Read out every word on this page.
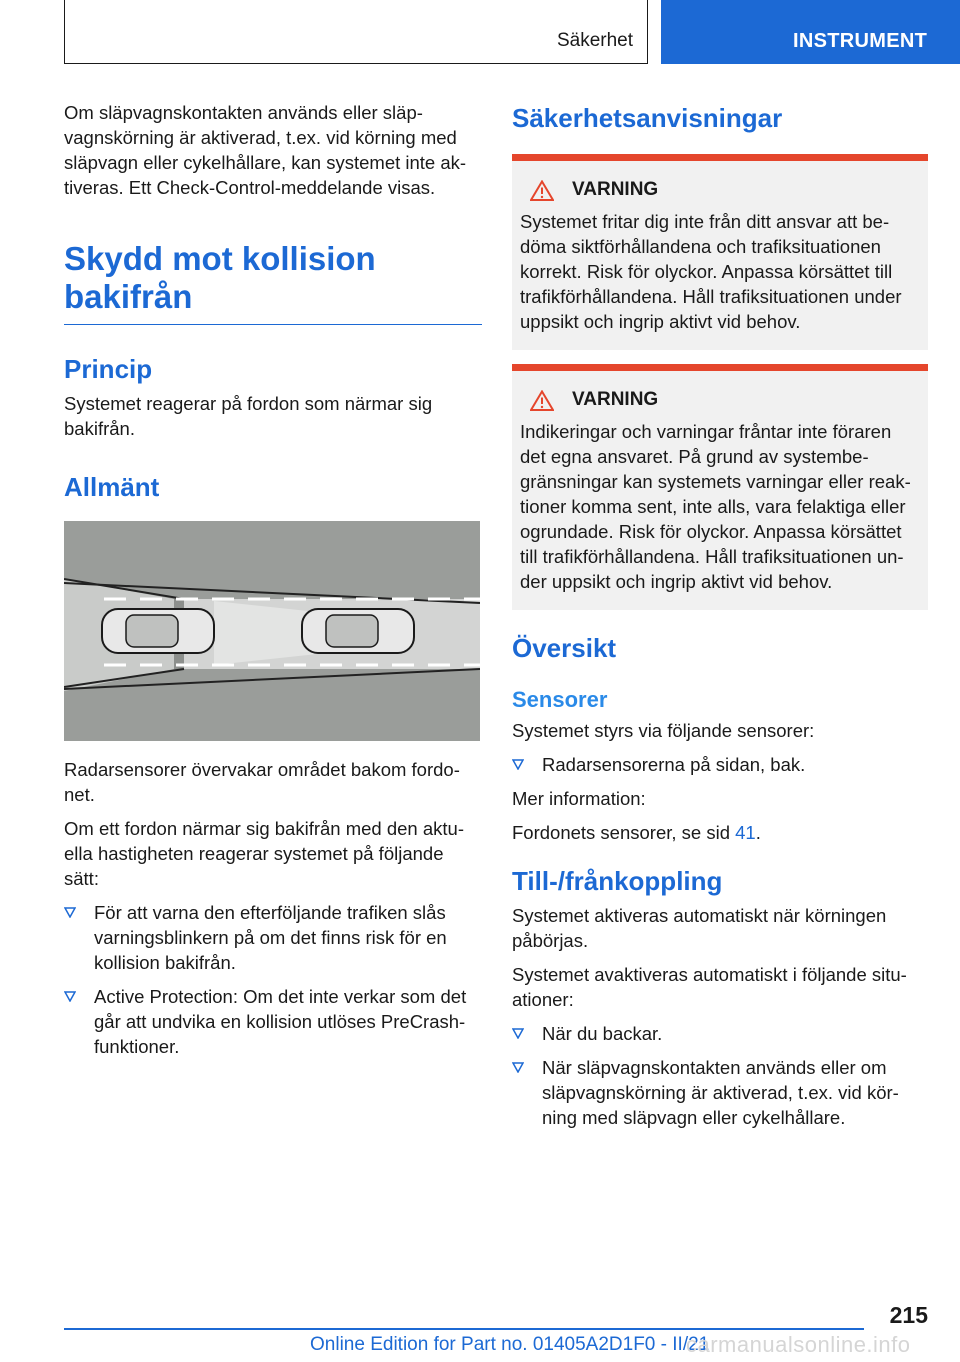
Säkerhet	INSTRUMENT

Om släpvagnskontakten används eller släp-vagnskörning är aktiverad, t.ex. vid körning med släpvagn eller cykelhållare, kan systemet inte ak-tiveras. Ett Check-Control-meddelande visas.

Skydd mot kollision bakifrån
Princip

Systemet reagerar på fordon som närmar sig bakifrån.

Allmänt

Radarsensorer övervakar området bakom fordo-net.

Om ett fordon närmar sig bakifrån med den aktu-ella hastigheten reagerar systemet på följande sätt:

För att varna den efterföljande trafiken slås varningsblinkern på om det finns risk för en kollision bakifrån.
Active Protection: Om det inte verkar som det går att undvika en kollision utlöses PreCrash-funktioner.
Säkerhetsanvisningar
VARNING

Systemet fritar dig inte från ditt ansvar att be-döma siktförhållandena och trafiksituationen korrekt. Risk för olyckor. Anpassa körsättet till trafikförhållandena. Håll trafiksituationen under uppsikt och ingrip aktivt vid behov.

VARNING

Indikeringar och varningar fråntar inte föraren det egna ansvaret. På grund av systembe-gränsningar kan systemets varningar eller reak-tioner komma sent, inte alls, vara felaktiga eller ogrundade. Risk för olyckor. Anpassa körsättet till trafikförhållandena. Håll trafiksituationen un-der uppsikt och ingrip aktivt vid behov.

Översikt
Sensorer

Systemet styrs via följande sensorer:

Radarsensorerna på sidan, bak.

Mer information:

Fordonets sensorer, se sid 41.

Till-/frånkoppling

Systemet aktiveras automatiskt när körningen påbörjas.

Systemet avaktiveras automatiskt i följande situ-ationer:

När du backar.
När släpvagnskontakten används eller om släpvagnskörning är aktiverad, t.ex. vid kör-ning med släpvagn eller cykelhållare.
215
Online Edition for Part no. 01405A2D1F0 - II/21
carmanualsonline.info
